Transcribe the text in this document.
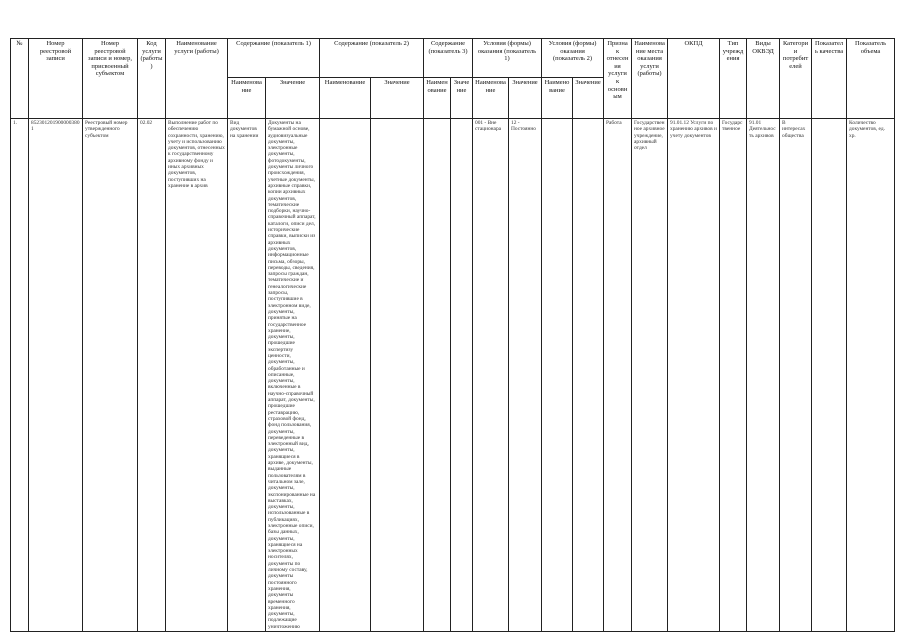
№	Номер реестровой записи	Номер реестровой записи и номер, присвоенный субъектом	Код услуги (работы)	Наименование услуги (работы)	Содержание (показатель 1)		Содержание (показатель 2)		Содержание (показатель 3)		Условия (формы) оказания (показатель 1)		Условия (формы) оказания (показатель 2)		Признак отнесения услуги к основным	Наименование места оказания услуги (работы)	ОКПД	Тип учреждения	Виды ОКВЭД	Категории потребителей	Показатель качества	Показатель объема
					Наименование	Значение	Наименование	Значение	Наименование	Значение	Наименование	Значение	Наименование	Значение								
1.	8523012019000003801	Реестровый номер утвержденного субъектом	02.02	Выполнение работ по обеспечению сохранности, хранению, учету и использованию документов, отнесенных к государственному архивному фонду и иных архивных документов, поступивших на хранение в архив	Вид документов на хранении	Документы на бумажной основе, аудиовизуальные документы, электронные документы, фотодокументы, документы личного происхождения, учетные документы, архивные справки, копии архивных документов, тематические подборки, научно-справочный аппарат, каталоги, описи дел, исторические справки, выписки из архивных документов, информационные письма, обзоры, переводы, сведения, запросы граждан, тематические и генеалогические запросы, поступившие в электронном виде, документы, принятые на государственное хранение, документы, прошедшие экспертизу ценности, документы, обработанные и описанные, документы, включенные в научно-справочный аппарат, документы, прошедшие реставрацию, страховой фонд, фонд пользования, документы, переведенные в электронный вид, документы, хранящиеся в архиве, документы, выданные пользователям в читальном зале, документы, экспонированные на выставках, документы, использованные в публикациях, электронные описи, базы данных, документы, хранящиеся на электронных носителях, документы по личному составу, документы постоянного хранения, документы временного хранения, документы, подлежащие уничтожению					001 - Вне стационара	12 - Постоянно			Работа	Государственное архивное учреждение, архивный отдел	91.01.12 Услуги по хранению архивов и учету документов	Государственное	91.01 Деятельность архивов	В интересах общества		Количество документов, ед. хр.
